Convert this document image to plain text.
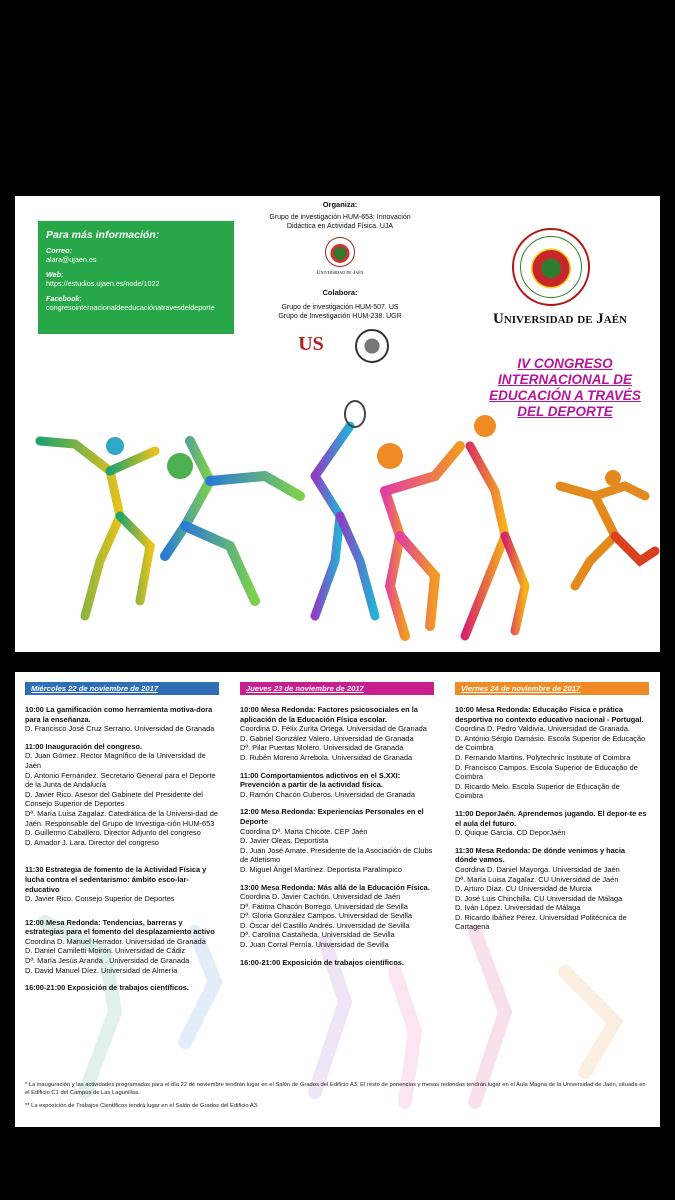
Para más información:
Correo:
alara@ujaen.es
Web:
https://estudios.ujaen.es/node/1022
Facebook:
congresointernacionaldeeducaciónatravesdeldeporte
Organiza:
Grupo de investigación HUM-653: Innovación
Didáctica en Actividad Física. UJA
Universidad de Jaén
Colabora:
Grupo de investigación HUM-507. US
Grupo de Investigación HUM-238. UGR
US
Universidad de Jaén
IV CONGRESO
INTERNACIONAL DE
EDUCACIÓN A TRAVÉS
DEL DEPORTE
Miércoles 22 de noviembre de 2017
10:00 La gamificación como herramienta motiva-dora para la enseñanza.
D. Francisco José Cruz Serrano. Universidad de Granada
11:00 Inauguración del congreso.
D. Juan Gómez. Rector Magnífico de la Universidad de Jaén
D. Antonio Fernández. Secretario General para el Deporte de la Junta de Andalucía
D. Javier Rico. Asesor del Gabinete del Presidente del Consejo Superior de Deportes
Dª. María Luisa Zagalaz. Catedrática de la Universi-dad de Jaén. Responsable del Grupo de Investiga-ción HUM-653
D. Guillermo Caballero. Director Adjunto del congreso
D. Amador J. Lara. Director del congreso
11:30 Estrategia de fomento de la Actividad Física y lucha contra el sedentarismo: ámbito esco-lar-educativo
D. Javier Rico. Consejo Superior de Deportes
12:00 Mesa Redonda: Tendencias, barreras y estrategias para el fomento del desplazamiento activo
Coordina D. Manuel Herrador. Universidad de Granada
D. Daniel Camiletti Moirón. Universidad de Cádiz
Dª. María Jesús Aranda . Universidad de Granada
D. David Manuel Díez. Universidad de Almería
16:00-21:00 Exposición de trabajos científicos.
Jueves 23 de noviembre de 2017
10:00 Mesa Redonda: Factores psicosociales en la aplicación de la Educación Física escolar.
Coordina D. Félix Zurita Ortega. Universidad de Granada
D. Gabriel González Valero. Universidad de Granada
Dª. Pilar Puertas Molero. Universidad de Granada
D. Rubén Moreno Arrebola. Universidad de Granada
11:00 Comportamientos adictivos en el S.XXI: Prevención a partir de la actividad física.
D. Ramón Chacón Cuberos. Universidad de Granada
12:00 Mesa Redonda: Experiencias Personales en el Deporte
Coordina Dª. Marta Chicote. CEP Jaén
D. Javier Oleas. Deportista
D. Juan José Amate. Presidente de la Asociación de Clubs de Atletismo
D. Miguel Ángel Martínez. Deportista Paralímpico
13:00 Mesa Redonda: Más allá de la Educación Física.
Coordina D. Javier Cachón. Universidad de Jaén
Dª. Fátima Chacón Borrego. Universidad de Sevilla
Dª. Gloria González Campos. Universidad de Sevilla
D. Óscar del Castillo Andrés. Universidad de Sevilla
Dª. Carolina Castañeda. Universidad de Sevilla
D. Juan Corral Pernía. Universidad de Sevilla
16:00-21:00 Exposición de trabajos científicos.
Viernes 24 de noviembre de 2017
10:00 Mesa Redonda: Educação Física e prática desportiva no contexto educativo nacional - Portugal.
Coordina D. Pedro Valdivia. Universidad de Granada.
D. António Sérgio Damásio. Escola Superior de Educação de Coimbra
D. Fernando Martins. Polytechnic Institute of Coimbra
D. Francisco Campos. Escola Superior de Educação de Coimbra
D. Ricardo Melo. Escola Superior de Educação de Coimbra
11:00 DeporJaén. Aprendemos jugando. El depor-te es el aula del futuro.
D. Quique García. CD DeporJaén
11:30 Mesa Redonda: De dónde venimos y hacia dónde vamos.
Coordina D. Daniel Mayorga. Universidad de Jaén
Dª. María Luisa Zagalaz. CU Universidad de Jaén
D. Arturo Díaz. CU Universidad de Murcia
D. José Luis Chinchilla. CU Universidad de Málaga
D. Iván López. Universidad de Málaga
D. Ricardo Ibáñez Pérez. Universidad Politécnica de Cartagena

* La inauguración y las actividades programadas para el día 22 de noviembre tendrán lugar en el Salón de Grados del Edificio A3. El resto de ponencias y mesas redondas tendrán lugar en el Aula Magna de la Universidad de Jaén, situada en el Edificio C1 del Campus de Las Lagunillas.

** La exposición de Trabajos Científicos tendrá lugar en el Salón de Grados del Edificio A3.
